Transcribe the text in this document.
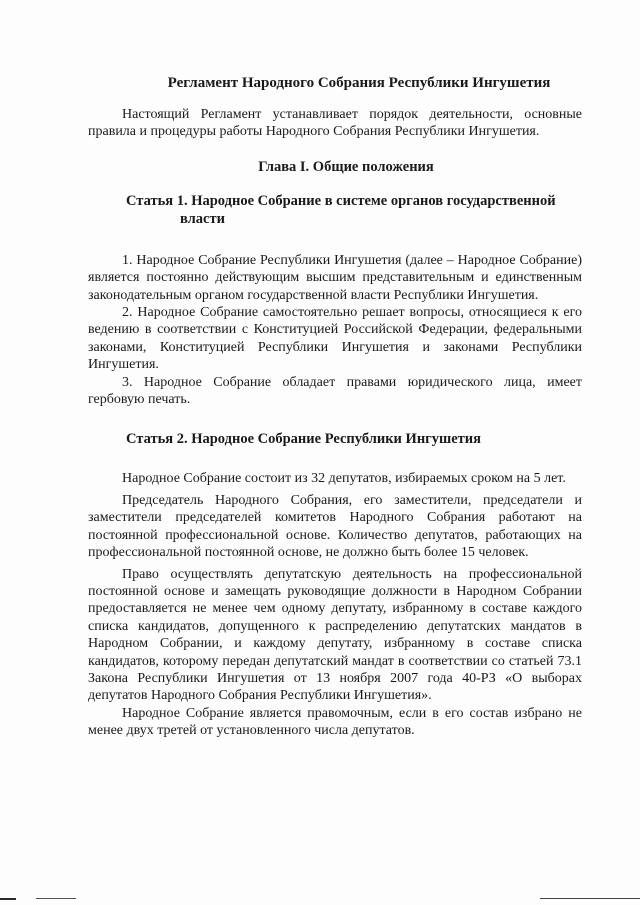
Регламент Народного Собрания Республики Ингушетия

Настоящий Регламент устанавливает порядок деятельности, основные правила и процедуры работы Народного Собрания Республики Ингушетия.

Глава I. Общие положения
Статья 1. Народное Собрание в системе органов государственной
власти

1. Народное Собрание Республики Ингушетия (далее – Народное Собрание) является постоянно действующим высшим представительным и единственным законодательным органом государственной власти Республики Ингушетия.

2. Народное Собрание самостоятельно решает вопросы, относящиеся к его ведению в соответствии с Конституцией Российской Федерации, федеральными законами, Конституцией Республики Ингушетия и законами Республики Ингушетия.

3. Народное Собрание обладает правами юридического лица, имеет гербовую печать.

Статья 2. Народное Собрание Республики Ингушетия

Народное Собрание состоит из 32 депутатов, избираемых сроком на 5 лет.

Председатель Народного Собрания, его заместители, председатели и заместители председателей комитетов Народного Собрания работают на постоянной профессиональной основе. Количество депутатов, работающих на профессиональной постоянной основе, не должно быть более 15 человек.

Право осуществлять депутатскую деятельность на профессиональной постоянной основе и замещать руководящие должности в Народном Собрании предоставляется не менее чем одному депутату, избранному в составе каждого списка кандидатов, допущенного к распределению депутатских мандатов в Народном Собрании, и каждому депутату, избранному в составе списка кандидатов, которому передан депутатский мандат в соответствии со статьей 73.1 Закона Республики Ингушетия от 13 ноября 2007 года 40-РЗ «О выборах депутатов Народного Собрания Республики Ингушетия».

Народное Собрание является правомочным, если в его состав избрано не менее двух третей от установленного числа депутатов.
